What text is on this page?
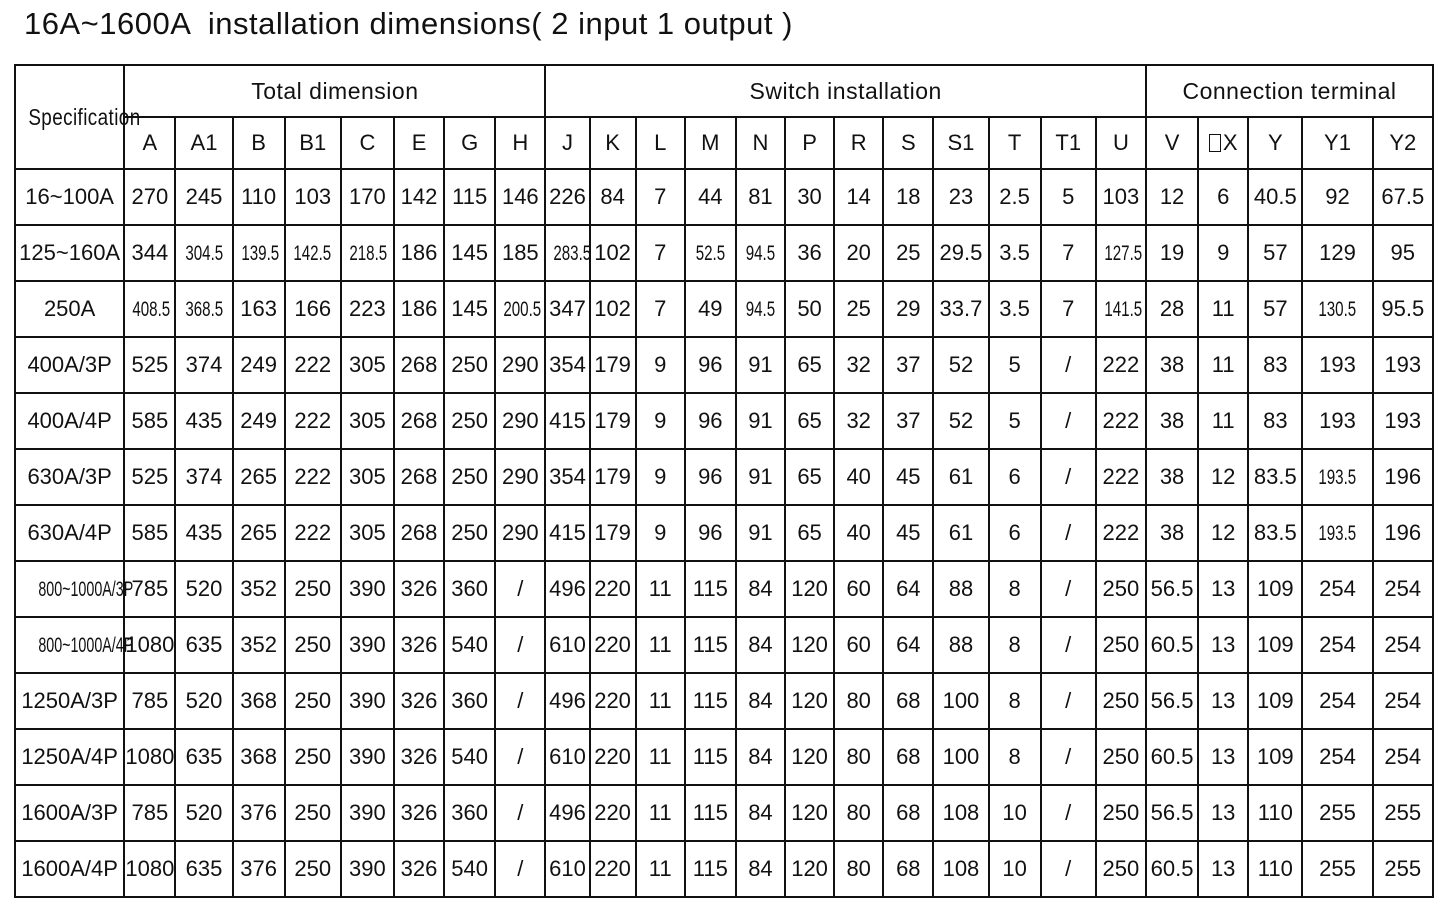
16A~1600A  installation dimensions( 2 input 1 output )
Specification	Total dimension								Switch installation												Connection terminal				
	A	A1	B	B1	C	E	G	H	J	K	L	M	N	P	R	S	S1	T	T1	U	V	X	Y	Y1	Y2
16~100A	270	245	110	103	170	142	115	146	226	84	7	44	81	30	14	18	23	2.5	5	103	12	6	40.5	92	67.5
125~160A	344	304.5	139.5	142.5	218.5	186	145	185	283.5	102	7	52.5	94.5	36	20	25	29.5	3.5	7	127.5	19	9	57	129	95
250A	408.5	368.5	163	166	223	186	145	200.5	347	102	7	49	94.5	50	25	29	33.7	3.5	7	141.5	28	11	57	130.5	95.5
400A/3P	525	374	249	222	305	268	250	290	354	179	9	96	91	65	32	37	52	5	/	222	38	11	83	193	193
400A/4P	585	435	249	222	305	268	250	290	415	179	9	96	91	65	32	37	52	5	/	222	38	11	83	193	193
630A/3P	525	374	265	222	305	268	250	290	354	179	9	96	91	65	40	45	61	6	/	222	38	12	83.5	193.5	196
630A/4P	585	435	265	222	305	268	250	290	415	179	9	96	91	65	40	45	61	6	/	222	38	12	83.5	193.5	196
800~1000A/3P	785	520	352	250	390	326	360	/	496	220	11	115	84	120	60	64	88	8	/	250	56.5	13	109	254	254
800~1000A/4P	1080	635	352	250	390	326	540	/	610	220	11	115	84	120	60	64	88	8	/	250	60.5	13	109	254	254
1250A/3P	785	520	368	250	390	326	360	/	496	220	11	115	84	120	80	68	100	8	/	250	56.5	13	109	254	254
1250A/4P	1080	635	368	250	390	326	540	/	610	220	11	115	84	120	80	68	100	8	/	250	60.5	13	109	254	254
1600A/3P	785	520	376	250	390	326	360	/	496	220	11	115	84	120	80	68	108	10	/	250	56.5	13	110	255	255
1600A/4P	1080	635	376	250	390	326	540	/	610	220	11	115	84	120	80	68	108	10	/	250	60.5	13	110	255	255
